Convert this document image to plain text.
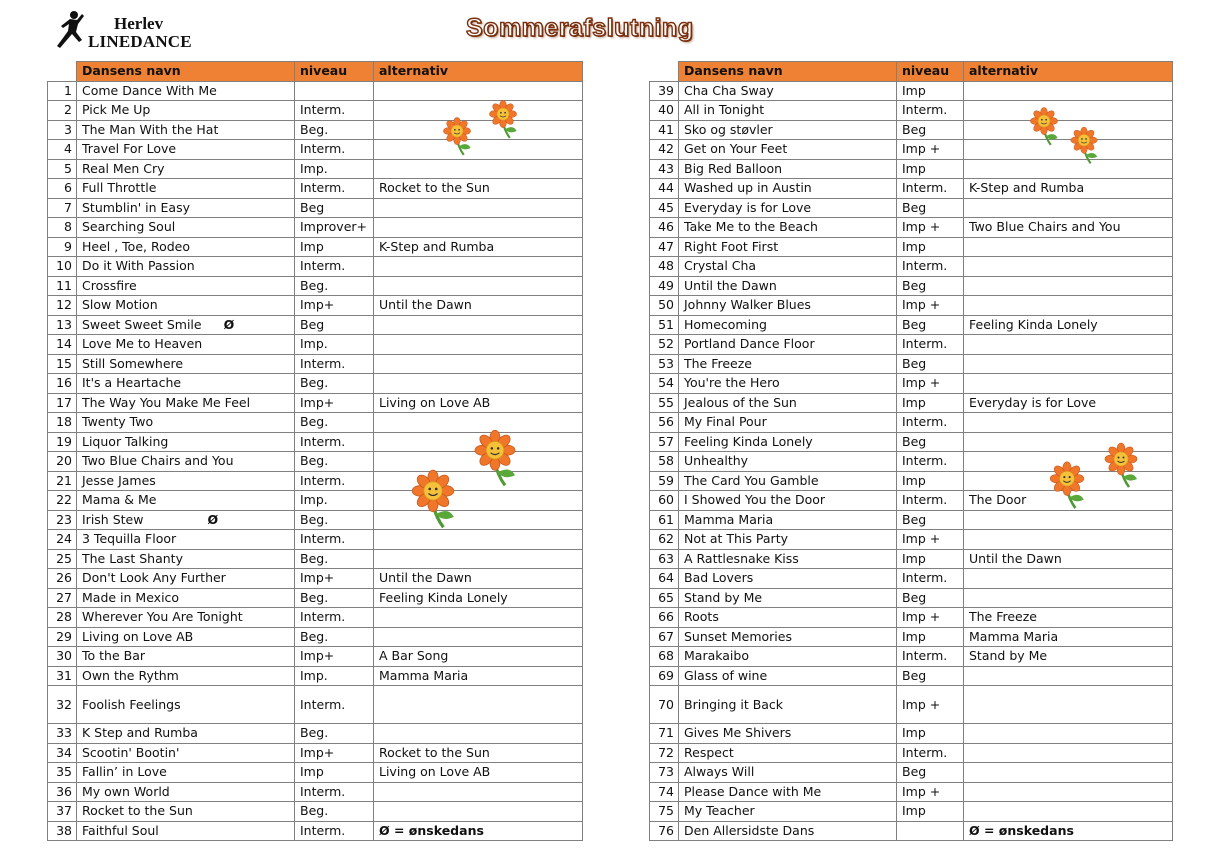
Herlev
LINEDANCE	Sommerafslutning
	Dansens navn	niveau	alternativ
1	Come Dance With Me		
2	Pick Me Up	Interm.	
3	The Man With the Hat	Beg.	
4	Travel For Love	Interm.	
5	Real Men Cry	Imp.	
6	Full Throttle	Interm.	Rocket to the Sun
7	Stumblin' in Easy	Beg	
8	Searching Soul	Improver+	
9	Heel , Toe, Rodeo	Imp	K-Step and Rumba
10	Do it With Passion	Interm.	
11	Crossfire	Beg.	
12	Slow Motion	Imp+	Until the Dawn
13	Sweet Sweet Smile Ø	Beg	
14	Love Me to Heaven	Imp.	
15	Still Somewhere	Interm.	
16	It's a Heartache	Beg.	
17	The Way You Make Me Feel	Imp+	Living on Love AB
18	Twenty Two	Beg.	
19	Liquor Talking	Interm.	
20	Two Blue Chairs and You	Beg.	
21	Jesse James	Interm.	
22	Mama & Me	Imp.	
23	Irish Stew Ø	Beg.	
24	3 Tequilla Floor	Interm.	
25	The Last Shanty	Beg.	
26	Don't Look Any Further	Imp+	Until the Dawn
27	Made in Mexico	Beg.	Feeling Kinda Lonely
28	Wherever You Are Tonight	Interm.	
29	Living on Love AB	Beg.	
30	To the Bar	Imp+	A Bar Song
31	Own the Rythm	Imp.	Mamma Maria
32	Foolish Feelings	Interm.	
33	K Step and Rumba	Beg.	
34	Scootin' Bootin'	Imp+	Rocket to the Sun
35	Fallin’ in Love	Imp	Living on Love AB
36	My own World	Interm.	
37	Rocket to the Sun	Beg.	
38	Faithful Soul	Interm.	Ø = ønskedans
	Dansens navn	niveau	alternativ
39	Cha Cha Sway	Imp	
40	All in Tonight	Interm.	
41	Sko og støvler	Beg	
42	Get on Your Feet	Imp +	
43	Big Red Balloon	Imp	
44	Washed up in Austin	Interm.	K-Step and Rumba
45	Everyday is for Love	Beg	
46	Take Me to the Beach	Imp +	Two Blue Chairs and You
47	Right Foot First	Imp	
48	Crystal Cha	Interm.	
49	Until the Dawn	Beg	
50	Johnny Walker Blues	Imp +	
51	Homecoming	Beg	Feeling Kinda Lonely
52	Portland Dance Floor	Interm.	
53	The Freeze	Beg	
54	You're the Hero	Imp +	
55	Jealous of the Sun	Imp	Everyday is for Love
56	My Final Pour	Interm.	
57	Feeling Kinda Lonely	Beg	
58	Unhealthy	Interm.	
59	The Card You Gamble	Imp	
60	I Showed You the Door	Interm.	The Door
61	Mamma Maria	Beg	
62	Not at This Party	Imp +	
63	A Rattlesnake Kiss	Imp	Until the Dawn
64	Bad Lovers	Interm.	
65	Stand by Me	Beg	
66	Roots	Imp +	The Freeze
67	Sunset Memories	Imp	Mamma Maria
68	Marakaibo	Interm.	Stand by Me
69	Glass of wine	Beg	
70	Bringing it Back	Imp +	
71	Gives Me Shivers	Imp	
72	Respect	Interm.	
73	Always Will	Beg	
74	Please Dance with Me	Imp +	
75	My Teacher	Imp	
76	Den Allersidste Dans		Ø = ønskedans
